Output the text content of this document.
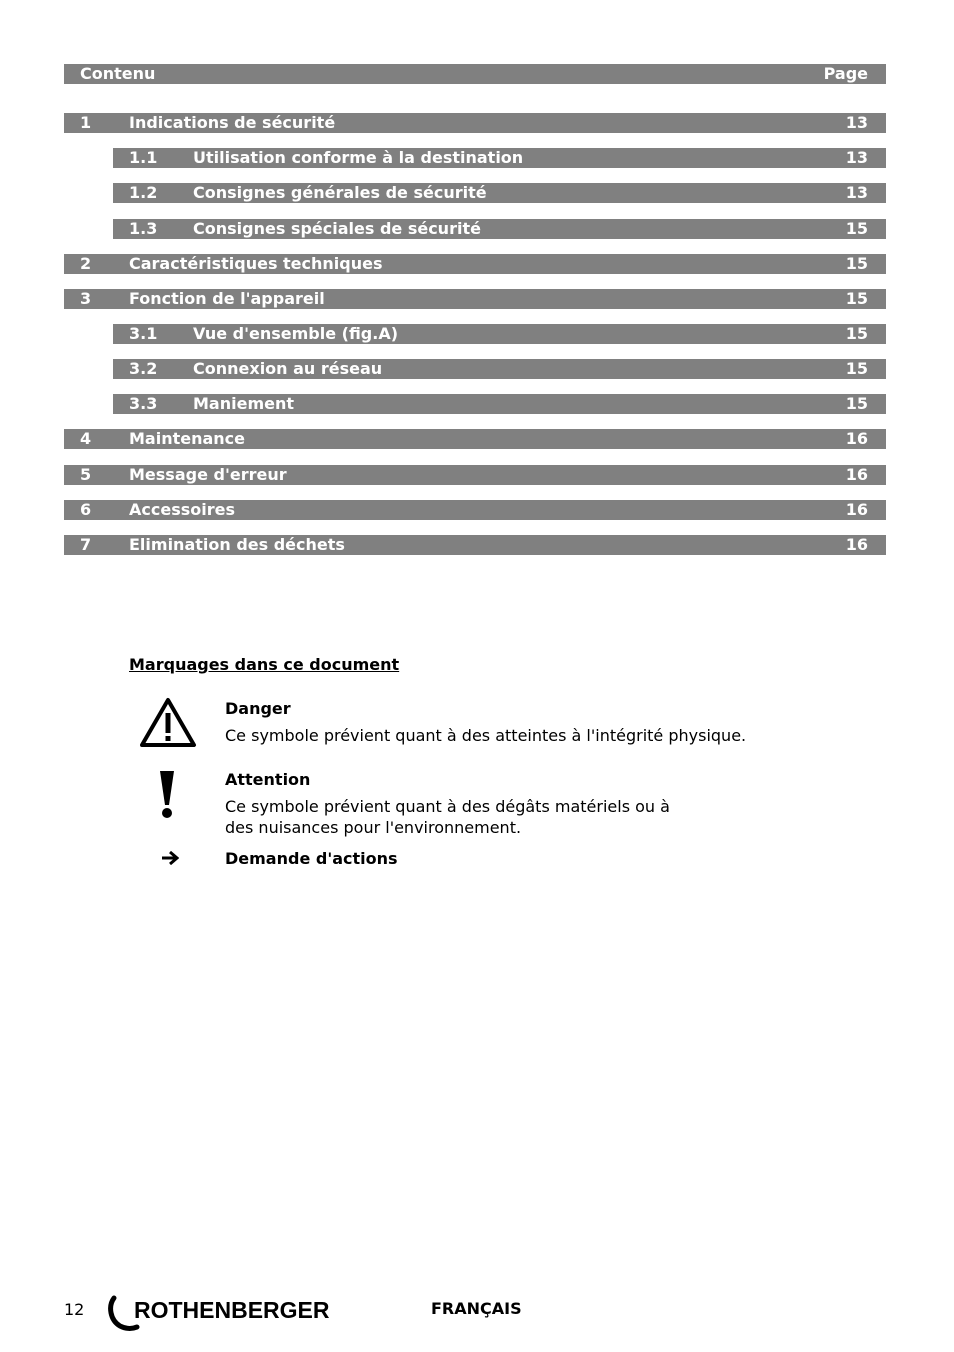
Contenu	Page
1 Indications de sécurité	13
1.1 Utilisation conforme à la destination	13
1.2 Consignes générales de sécurité	13
1.3 Consignes spéciales de sécurité	15
2 Caractéristiques techniques	15
3 Fonction de l'appareil	15
3.1 Vue d'ensemble (fig.A)	15
3.2 Connexion au réseau	15
3.3 Maniement	15
4 Maintenance	16
5 Message d'erreur	16
6 Accessoires	16
7 Elimination des déchets	16
Marquages dans ce document
Danger
Ce symbole prévient quant à des atteintes à l'intégrité physique.
Attention
Ce symbole prévient quant à des dégâts matériels ou à des nuisances pour l'environnement.
Demande d'actions
12 ROTHENBERGER	FRANÇAIS
